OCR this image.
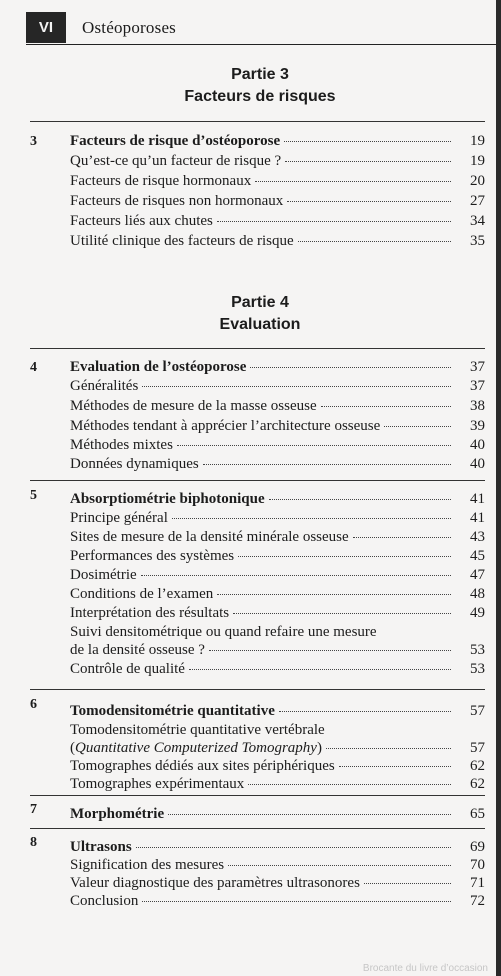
VI	Ostéoporoses
Partie 3
Facteurs de risques
3 Facteurs de risque d’ostéoporose	19
Qu’est-ce qu’un facteur de risque ?	19
Facteurs de risque hormonaux	20
Facteurs de risques non hormonaux	27
Facteurs liés aux chutes	34
Utilité clinique des facteurs de risque	35
Partie 4
Evaluation
4 Evaluation de l’ostéoporose	37
Généralités	37
Méthodes de mesure de la masse osseuse	38
Méthodes tendant à apprécier l’architecture osseuse	39
Méthodes mixtes	40
Données dynamiques	40
5 Absorptiométrie biphotonique	41
Principe général	41
Sites de mesure de la densité minérale osseuse	43
Performances des systèmes	45
Dosimétrie	47
Conditions de l’examen	48
Interprétation des résultats	49
Suivi densitométrique ou quand refaire une mesure
de la densité osseuse ?	53
Contrôle de qualité	53
6 Tomodensitométrie quantitative	57
Tomodensitométrie quantitative vertébrale
(Quantitative Computerized Tomography)	57
Tomographes dédiés aux sites périphériques	62
Tomographes expérimentaux	62
7 Morphométrie	65
8 Ultrasons	69
Signification des mesures	70
Valeur diagnostique des paramètres ultrasonores	71
Conclusion	72
Brocante du livre d’occasion
